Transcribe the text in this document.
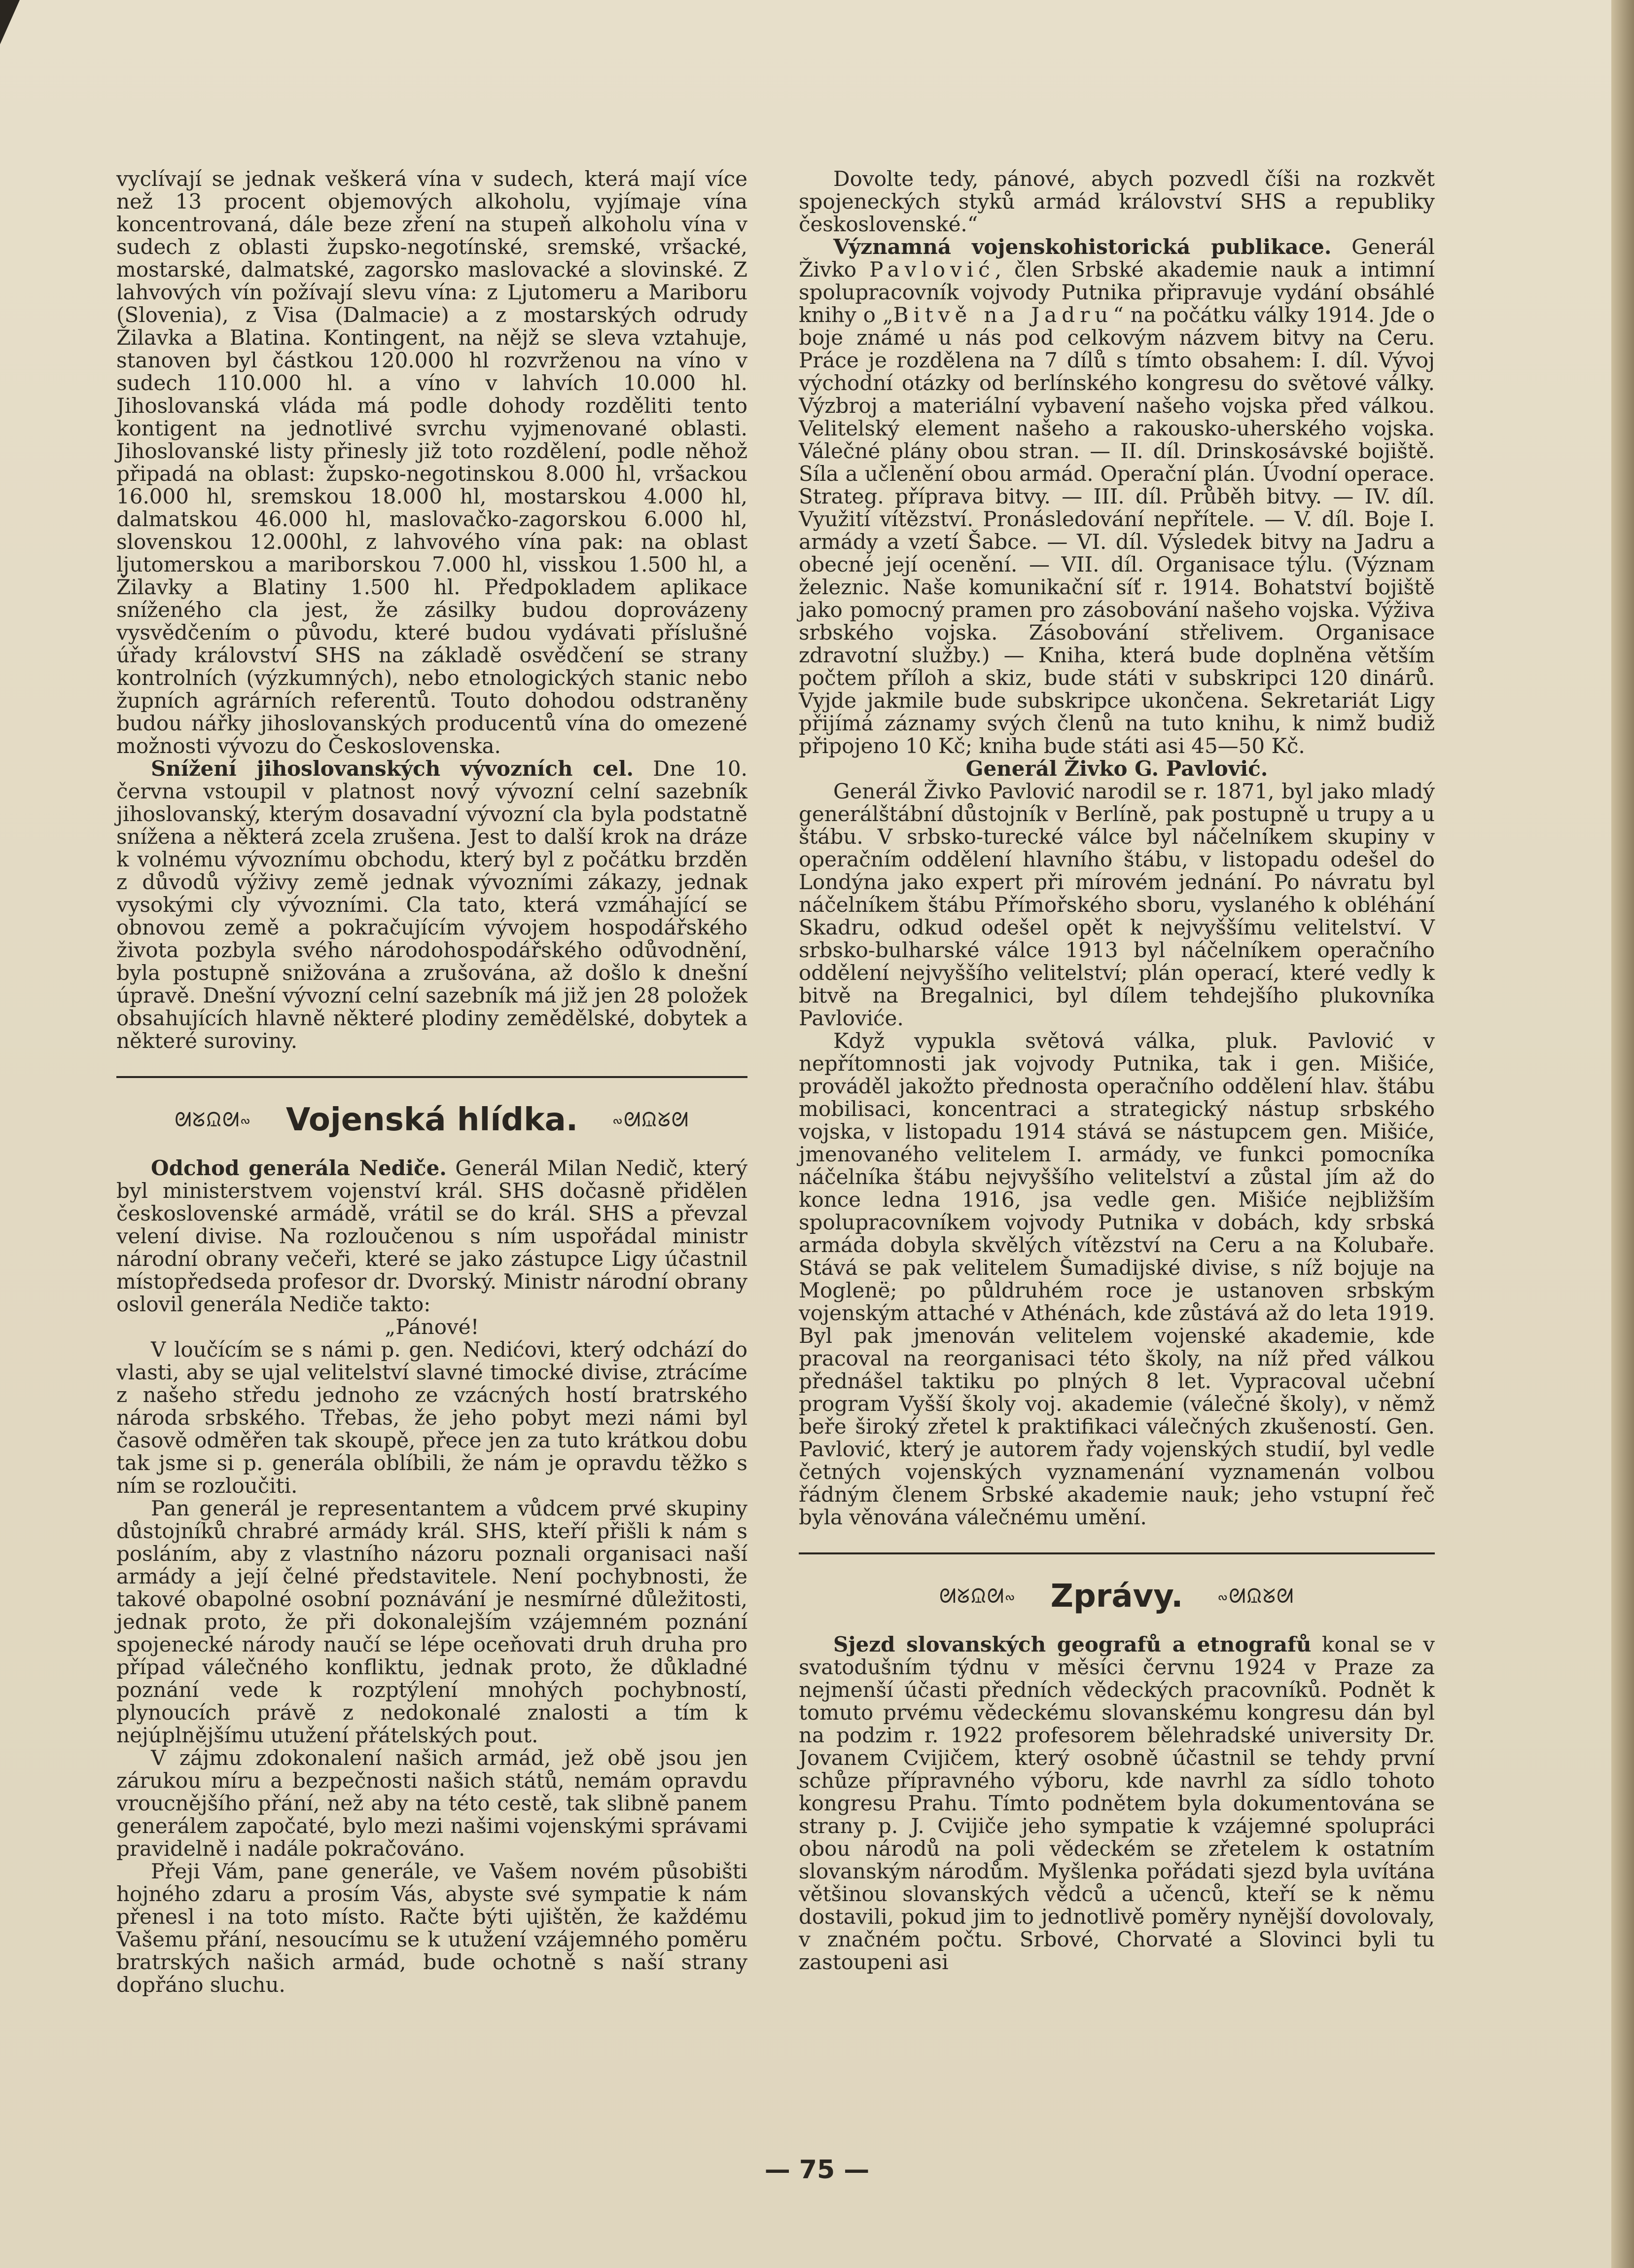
vyclívají se jednak veškerá vína v sudech, která mají více než 13 procent objemových alkoholu, vyjímaje vína koncentrovaná, dále beze zření na stupeň alkoholu vína v sudech z oblasti župsko-negotínské, sremské, vršacké, mostarské, dalmatské, zagorsko maslovacké a slovinské. Z lahvových vín požívají slevu vína: z Ljutomeru a Mariboru (Slovenia), z Visa (Dalmacie) a z mostarských odrudy Žilavka a Blatina. Kontingent, na nějž se sleva vztahuje, stanoven byl částkou 120.000 hl rozvrženou na víno v sudech 110.000 hl. a víno v lahvích 10.000 hl. Jihoslovanská vláda má podle dohody rozděliti tento kontigent na jednotlivé svrchu vyjmenované oblasti. Jihoslovanské listy přinesly již toto rozdělení, podle něhož připadá na oblast: župsko-negotinskou 8.000 hl, vršackou 16.000 hl, sremskou 18.000 hl, mostarskou 4.000 hl, dalmatskou 46.000 hl, maslovačko-zagorskou 6.000 hl, slovenskou 12.000hl, z lahvového vína pak: na oblast ljutomerskou a mariborskou 7.000 hl, visskou 1.500 hl, a Žilavky a Blatiny 1.500 hl. Předpokladem aplikace sníženého cla jest, že zásilky budou doprovázeny vysvědčením o původu, které budou vydávati příslušné úřady království SHS na základě osvědčení se strany kontrolních (výzkumných), nebo etnologických stanic nebo župních agrárních referentů. Touto dohodou odstraněny budou nářky jihoslovanských producentů vína do omezené možnosti vývozu do Československa.

Snížení jihoslovanských vývozních cel. Dne 10. června vstoupil v platnost nový vývozní celní sazebník jihoslovanský, kterým dosavadní vývozní cla byla podstatně snížena a některá zcela zrušena. Jest to další krok na dráze k volnému vývoznímu obchodu, který byl z počátku brzděn z důvodů výživy země jednak vývozními zákazy, jednak vysokými cly vývozními. Cla tato, která vzmáhající se obnovou země a pokračujícím vývojem hospodářského života pozbyla svého národohospodářského odůvodnění, byla postupně snižována a zrušována, až došlo k dnešní úpravě. Dnešní vývozní celní sazebník má již jen 28 položek obsahujících hlavně některé plodiny zemědělské, dobytek a některé suroviny.

ᘛᘜᙉᘛ∾	Vojenská hlídka.	∾ᘛᙉᘜᘛ

Odchod generála Nediče. Generál Milan Nedič, který byl ministerstvem vojenství král. SHS dočasně přidělen československé armádě, vrátil se do král. SHS a převzal velení divise. Na rozloučenou s ním uspořádal ministr národní obrany večeři, které se jako zástupce Ligy účastnil místopředseda profesor dr. Dvorský. Ministr národní obrany oslovil generála Nediče takto:

„Pánové!

V loučícím se s námi p. gen. Nedićovi, který odchází do vlasti, aby se ujal velitelství slavné timocké divise, ztrácíme z našeho středu jednoho ze vzácných hostí bratrského národa srbského. Třebas, že jeho pobyt mezi námi byl časově odměřen tak skoupě, přece jen za tuto krátkou dobu tak jsme si p. generála oblíbili, že nám je opravdu těžko s ním se rozloučiti.

Pan generál je representantem a vůdcem prvé skupiny důstojníků chrabré armády král. SHS, kteří přišli k nám s posláním, aby z vlastního názoru poznali organisaci naší armády a její čelné představitele. Není pochybnosti, že takové obapolné osobní poznávání je nesmírné důležitosti, jednak proto, že při dokonalejším vzájemném poznání spojenecké národy naučí se lépe oceňovati druh druha pro případ válečného konfliktu, jednak proto, že důkladné poznání vede k rozptýlení mnohých pochybností, plynoucích právě z nedokonalé znalosti a tím k nejúplnějšímu utužení přátelských pout.

V zájmu zdokonalení našich armád, jež obě jsou jen zárukou míru a bezpečnosti našich států, nemám opravdu vroucnějšího přání, než aby na této cestě, tak slibně panem generálem započaté, bylo mezi našimi vojenskými správami pravidelně i nadále pokračováno.

Přeji Vám, pane generále, ve Vašem novém působišti hojného zdaru a prosím Vás, abyste své sympatie k nám přenesl i na toto místo. Račte býti ujištěn, že každému Vašemu přání, nesoucímu se k utužení vzájemného poměru bratrských našich armád, bude ochotně s naší strany dopřáno sluchu.

Dovolte tedy, pánové, abych pozvedl číši na rozkvět spojeneckých styků armád království SHS a republiky československé.“

Významná vojenskohistorická publikace. Generál Živko Pavlović, člen Srbské akademie nauk a intimní spolupracovník vojvody Putnika připravuje vydání obsáhlé knihy o „Bitvě na Jadru“ na počátku války 1914. Jde o boje známé u nás pod celkovým názvem bitvy na Ceru. Práce je rozdělena na 7 dílů s tímto obsahem: I. díl. Vývoj východní otázky od berlínského kongresu do světové války. Výzbroj a materiální vybavení našeho vojska před válkou. Velitelský element našeho a rakousko-uherského vojska. Válečné plány obou stran. — II. díl. Drinskosávské bojiště. Síla a učlenění obou armád. Operační plán. Úvodní operace. Strateg. příprava bitvy. — III. díl. Průběh bitvy. — IV. díl. Využití vítězství. Pronásledování nepřítele. — V. díl. Boje I. armády a vzetí Šabce. — VI. díl. Výsledek bitvy na Jadru a obecné její ocenění. — VII. díl. Organisace týlu. (Význam železnic. Naše komunikační síť r. 1914. Bohatství bojiště jako pomocný pramen pro zásobování našeho vojska. Výživa srbského vojska. Zásobování střelivem. Organisace zdravotní služby.) — Kniha, která bude doplněna větším počtem příloh a skiz, bude státi v subskripci 120 dinárů. Vyjde jakmile bude subskripce ukončena. Sekretariát Ligy přijímá záznamy svých členů na tuto knihu, k nimž budiž připojeno 10 Kč; kniha bude státi asi 45—50 Kč.

Generál Živko G. Pavlović.

Generál Živko Pavlović narodil se r. 1871, byl jako mladý generálštábní důstojník v Berlíně, pak postupně u trupy a u štábu. V srbsko-turecké válce byl náčelníkem skupiny v operačním oddělení hlavního štábu, v listopadu odešel do Londýna jako expert při mírovém jednání. Po návratu byl náčelníkem štábu Přímořského sboru, vyslaného k obléhání Skadru, odkud odešel opět k nejvyššímu velitelství. V srbsko-bulharské válce 1913 byl náčelníkem operačního oddělení nejvyššího velitelství; plán operací, které vedly k bitvě na Bregalnici, byl dílem tehdejšího plukovníka Pavloviće.

Když vypukla světová válka, pluk. Pavlović v nepřítomnosti jak vojvody Putnika, tak i gen. Mišiće, prováděl jakožto přednosta operačního oddělení hlav. štábu mobilisaci, koncentraci a strategický nástup srbského vojska, v listopadu 1914 stává se nástupcem gen. Mišiće, jmenovaného velitelem I. armády, ve funkci pomocníka náčelníka štábu nejvyššího velitelství a zůstal jím až do konce ledna 1916, jsa vedle gen. Mišiće nejbližším spolupracovníkem vojvody Putnika v dobách, kdy srbská armáda dobyla skvělých vítězství na Ceru a na Kolubaře. Stává se pak velitelem Šumadijské divise, s níž bojuje na Moglenë; po půldruhém roce je ustanoven srbským vojenským attaché v Athénách, kde zůstává až do leta 1919. Byl pak jmenován velitelem vojenské akademie, kde pracoval na reorganisaci této školy, na níž před válkou přednášel taktiku po plných 8 let. Vypracoval učební program Vyšší školy voj. akademie (válečné školy), v němž beře široký zřetel k praktifikaci válečných zkušeností. Gen. Pavlović, který je autorem řady vojenských studií, byl vedle četných vojenských vyznamenání vyznamenán volbou řádným členem Srbské akademie nauk; jeho vstupní řeč byla věnována válečnému umění.

ᘛᘜᙉᘛ∾	Zprávy.	∾ᘛᙉᘜᘛ

Sjezd slovanských geografů a etnografů konal se v svatodušním týdnu v měsíci červnu 1924 v Praze za nejmenší účasti předních vědeckých pracovníků. Podnět k tomuto prvému vědeckému slovanskému kongresu dán byl na podzim r. 1922 profesorem bělehradské university Dr. Jovanem Cvijičem, který osobně účastnil se tehdy první schůze přípravného výboru, kde navrhl za sídlo tohoto kongresu Prahu. Tímto podnětem byla dokumentována se strany p. J. Cvijiče jeho sympatie k vzájemné spolupráci obou národů na poli vědeckém se zřetelem k ostatním slovanským národům. Myšlenka pořádati sjezd byla uvítána většinou slovanských vědců a učenců, kteří se k němu dostavili, pokud jim to jednotlivě poměry nynější dovolovaly, v značném počtu. Srbové, Chorvaté a Slovinci byli tu zastoupeni asi

— 75 —
